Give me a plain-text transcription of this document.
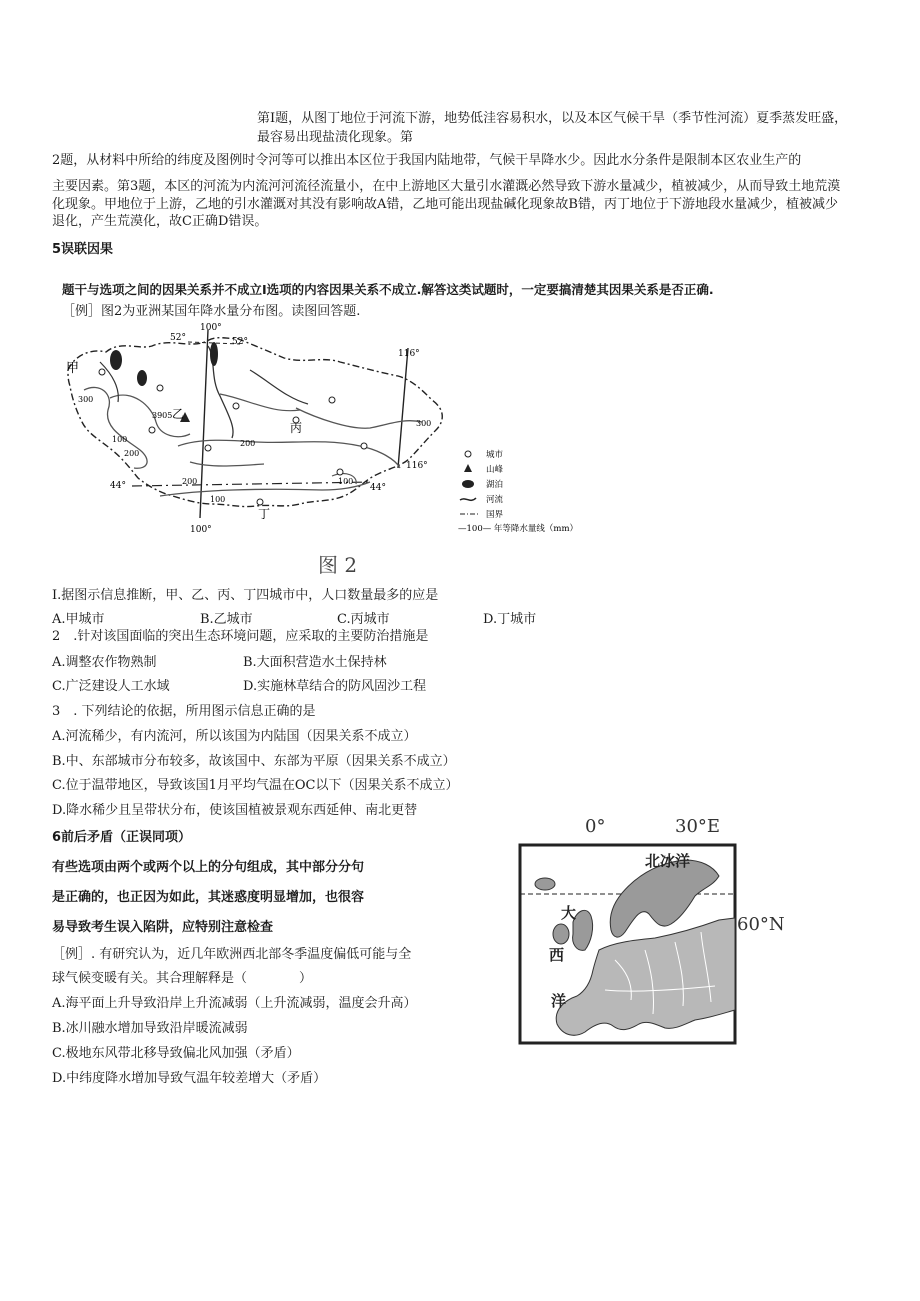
第Ⅰ题，从图丁地位于河流下游，地势低洼容易积水，以及本区气候干旱（季节性河流）夏季蒸发旺盛，
最容易出现盐渍化现象。第
2题，从材料中所给的纬度及图例时令河等可以推出本区位于我国内陆地带，气候干旱降水少。因此水分条件是限制本区农业生产的
主要因素。第3题，本区的河流为内流河河流径流量小，在中上游地区大量引水灌溉必然导致下游水量减少，植被减少，从而导致土地荒漠
化现象。甲地位于上游，乙地的引水灌溉对其没有影响故A错，乙地可能出现盐碱化现象故B错，丙丁地位于下游地段水量减少，植被减少
退化，产生荒漠化，故C正确D错误。
5误联因果
题干与选项之间的因果关系并不成立Ⅰ选项的内容因果关系不成立.解答这类试题时，一定要搞清楚其因果关系是否正确.
［例］图2为亚洲某国年降水量分布图。读图回答题.
100°
52°	52°
116°
116°
44°	44°
100°
甲
乙
丙
丁
3905
300
200
200
200
300
100
100
100
城市
山峰
湖泊
河流
国界
—100— 年等降水量线（mm）
图 2
Ⅰ.据图示信息推断，甲、乙、丙、丁四城市中，人口数量最多的应是
A.甲城市	B.乙城市	C.丙城市	D.丁城市
2　.针对该国面临的突出生态环境问题，应采取的主要防治措施是
A.调整农作物熟制	B.大面积营造水土保持林
C.广泛建设人工水域	D.实施林草结合的防风固沙工程
3　. 下列结论的依据，所用图示信息正确的是
A.河流稀少，有内流河，所以该国为内陆国（因果关系不成立）
B.中、东部城市分布较多，故该国中、东部为平原（因果关系不成立）
C.位于温带地区，导致该国1月平均气温在OC以下（因果关系不成立）
D.降水稀少且呈带状分布，使该国植被景观东西延伸、南北更替
6前后矛盾（正误同项）
有些选项由两个或两个以上的分句组成，其中部分分句
是正确的，也正因为如此，其迷惑度明显增加，也很容
易导致考生误入陷阱，应特别注意检查
［例］. 有研究认为，近几年欧洲西北部冬季温度偏低可能与全
球气候变暖有关。其合理解释是（　　　　）
A.海平面上升导致沿岸上升流减弱（上升流减弱，温度会升高）
B.冰川融水增加导致沿岸暖流减弱
C.极地东风带北移导致偏北风加强（矛盾）
D.中纬度降水增加导致气温年较差增大（矛盾）
0°	30°E
60°N
北冰洋
大
西
洋
